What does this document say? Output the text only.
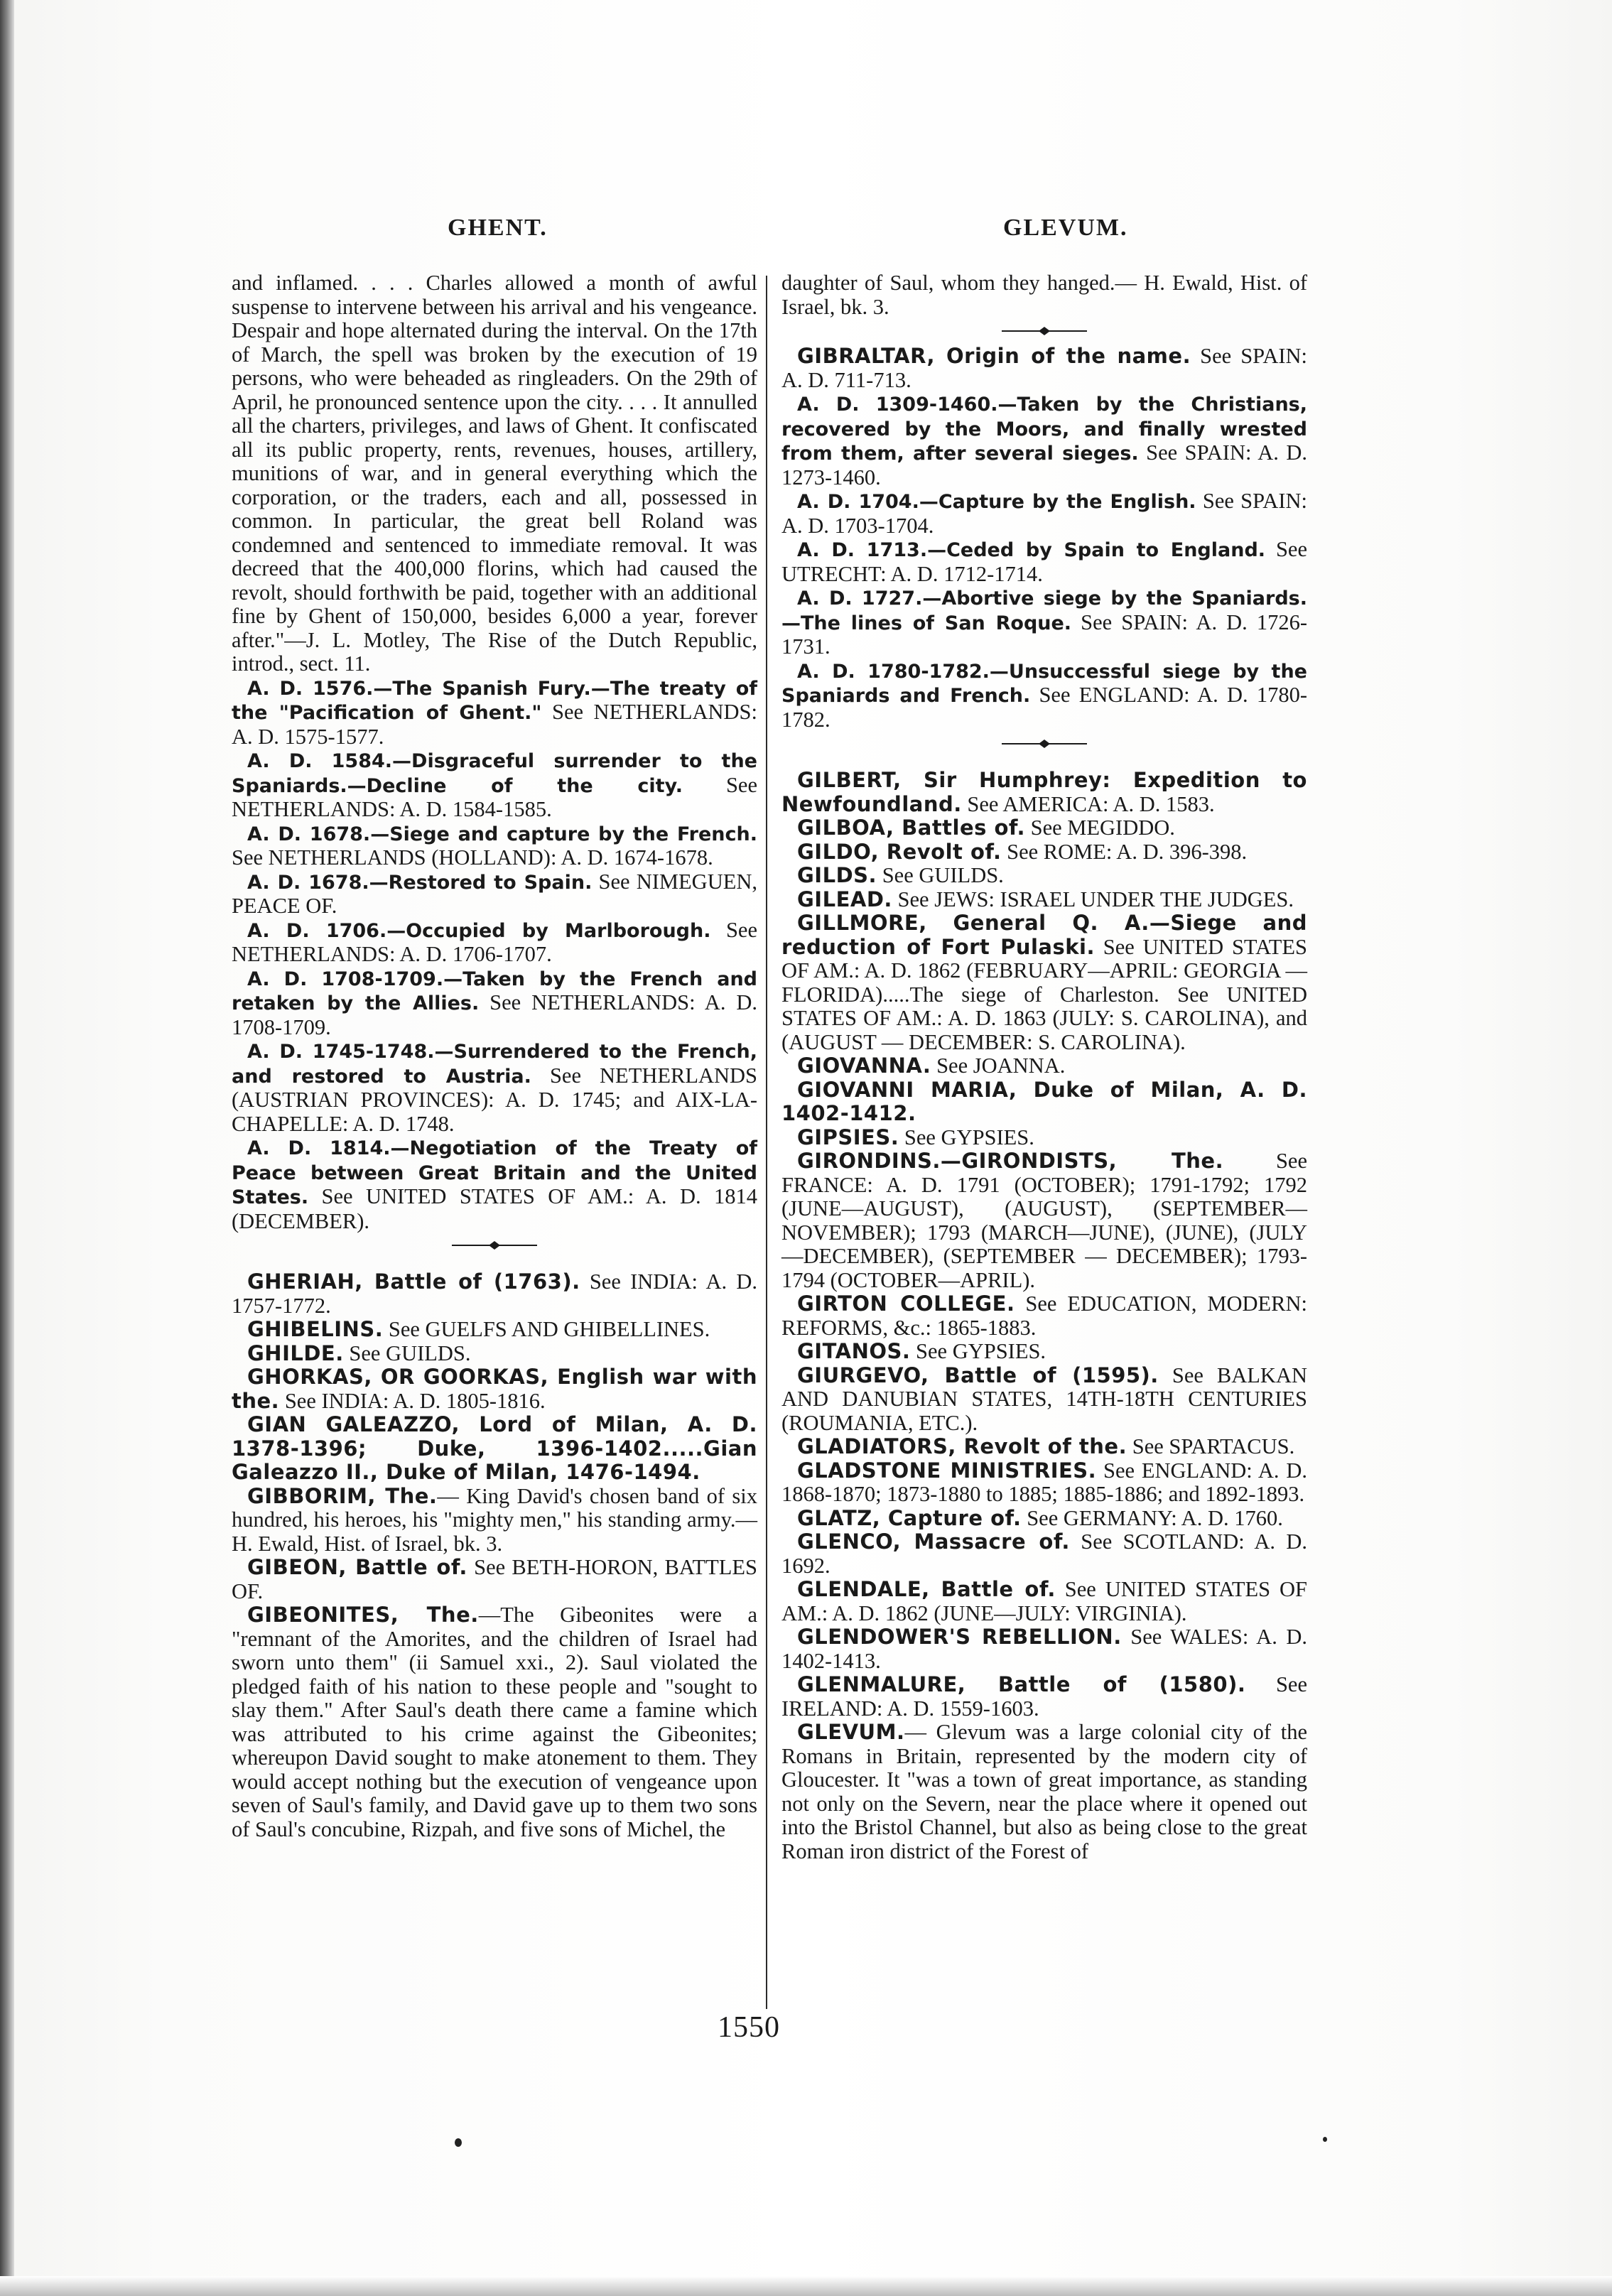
GHENT.	GLEVUM.

and inflamed. . . . Charles allowed a month of awful suspense to intervene between his arrival and his vengeance. Despair and hope alternated during the interval. On the 17th of March, the spell was broken by the execution of 19 persons, who were beheaded as ringleaders. On the 29th of April, he pronounced sentence upon the city. . . . It annulled all the charters, privileges, and laws of Ghent. It confiscated all its public property, rents, revenues, houses, artillery, munitions of war, and in general everything which the corporation, or the traders, each and all, possessed in common. In particular, the great bell Roland was condemned and sentenced to immediate removal. It was decreed that the 400,000 florins, which had caused the revolt, should forthwith be paid, together with an additional fine by Ghent of 150,000, besides 6,000 a year, forever after."—J. L. Motley, The Rise of the Dutch Republic, introd., sect. 11.

A. D. 1576.—The Spanish Fury.—The treaty of the "Pacification of Ghent." See NETHERLANDS: A. D. 1575-1577.

A. D. 1584.—Disgraceful surrender to the Spaniards.—Decline of the city. See NETHERLANDS: A. D. 1584-1585.

A. D. 1678.—Siege and capture by the French. See NETHERLANDS (HOLLAND): A. D. 1674-1678.

A. D. 1678.—Restored to Spain. See NIMEGUEN, PEACE OF.

A. D. 1706.—Occupied by Marlborough. See NETHERLANDS: A. D. 1706-1707.

A. D. 1708-1709.—Taken by the French and retaken by the Allies. See NETHERLANDS: A. D. 1708-1709.

A. D. 1745-1748.—Surrendered to the French, and restored to Austria. See NETHERLANDS (AUSTRIAN PROVINCES): A. D. 1745; and AIX-LA-CHAPELLE: A. D. 1748.

A. D. 1814.—Negotiation of the Treaty of Peace between Great Britain and the United States. See UNITED STATES OF AM.: A. D. 1814 (DECEMBER).

GHERIAH, Battle of (1763). See INDIA: A. D. 1757-1772.

GHIBELINS. See GUELFS AND GHIBELLINES.

GHILDE. See GUILDS.

GHORKAS, OR GOORKAS, English war with the. See INDIA: A. D. 1805-1816.

GIAN GALEAZZO, Lord of Milan, A. D. 1378-1396; Duke, 1396-1402.....Gian Galeazzo II., Duke of Milan, 1476-1494.

GIBBORIM, The.— King David's chosen band of six hundred, his heroes, his "mighty men," his standing army.—H. Ewald, Hist. of Israel, bk. 3.

GIBEON, Battle of. See BETH-HORON, BATTLES OF.

GIBEONITES, The.—The Gibeonites were a "remnant of the Amorites, and the children of Israel had sworn unto them" (ii Samuel xxi., 2). Saul violated the pledged faith of his nation to these people and "sought to slay them." After Saul's death there came a famine which was attributed to his crime against the Gibeonites; whereupon David sought to make atonement to them. They would accept nothing but the execution of vengeance upon seven of Saul's family, and David gave up to them two sons of Saul's concubine, Rizpah, and five sons of Michel, the

daughter of Saul, whom they hanged.— H. Ewald, Hist. of Israel, bk. 3.

GIBRALTAR, Origin of the name. See SPAIN: A. D. 711-713.

A. D. 1309-1460.—Taken by the Christians, recovered by the Moors, and finally wrested from them, after several sieges. See SPAIN: A. D. 1273-1460.

A. D. 1704.—Capture by the English. See SPAIN: A. D. 1703-1704.

A. D. 1713.—Ceded by Spain to England. See UTRECHT: A. D. 1712-1714.

A. D. 1727.—Abortive siege by the Spaniards.—The lines of San Roque. See SPAIN: A. D. 1726-1731.

A. D. 1780-1782.—Unsuccessful siege by the Spaniards and French. See ENGLAND: A. D. 1780-1782.

GILBERT, Sir Humphrey: Expedition to Newfoundland. See AMERICA: A. D. 1583.

GILBOA, Battles of. See MEGIDDO.

GILDO, Revolt of. See ROME: A. D. 396-398.

GILDS. See GUILDS.

GILEAD. See JEWS: ISRAEL UNDER THE JUDGES.

GILLMORE, General Q. A.—Siege and reduction of Fort Pulaski. See UNITED STATES OF AM.: A. D. 1862 (FEBRUARY—APRIL: GEORGIA — FLORIDA).....The siege of Charleston. See UNITED STATES OF AM.: A. D. 1863 (JULY: S. CAROLINA), and (AUGUST — DECEMBER: S. CAROLINA).

GIOVANNA. See JOANNA.

GIOVANNI MARIA, Duke of Milan, A. D. 1402-1412.

GIPSIES. See GYPSIES.

GIRONDINS.—GIRONDISTS, The. See FRANCE: A. D. 1791 (OCTOBER); 1791-1792; 1792 (JUNE—AUGUST), (AUGUST), (SEPTEMBER—NOVEMBER); 1793 (MARCH—JUNE), (JUNE), (JULY—DECEMBER), (SEPTEMBER — DECEMBER); 1793-1794 (OCTOBER—APRIL).

GIRTON COLLEGE. See EDUCATION, MODERN: REFORMS, &c.: 1865-1883.

GITANOS. See GYPSIES.

GIURGEVO, Battle of (1595). See BALKAN AND DANUBIAN STATES, 14TH-18TH CENTURIES (ROUMANIA, ETC.).

GLADIATORS, Revolt of the. See SPARTACUS.

GLADSTONE MINISTRIES. See ENGLAND: A. D. 1868-1870; 1873-1880 to 1885; 1885-1886; and 1892-1893.

GLATZ, Capture of. See GERMANY: A. D. 1760.

GLENCO, Massacre of. See SCOTLAND: A. D. 1692.

GLENDALE, Battle of. See UNITED STATES OF AM.: A. D. 1862 (JUNE—JULY: VIRGINIA).

GLENDOWER'S REBELLION. See WALES: A. D. 1402-1413.

GLENMALURE, Battle of (1580). See IRELAND: A. D. 1559-1603.

GLEVUM.— Glevum was a large colonial city of the Romans in Britain, represented by the modern city of Gloucester. It "was a town of great importance, as standing not only on the Severn, near the place where it opened out into the Bristol Channel, but also as being close to the great Roman iron district of the Forest of

1550
